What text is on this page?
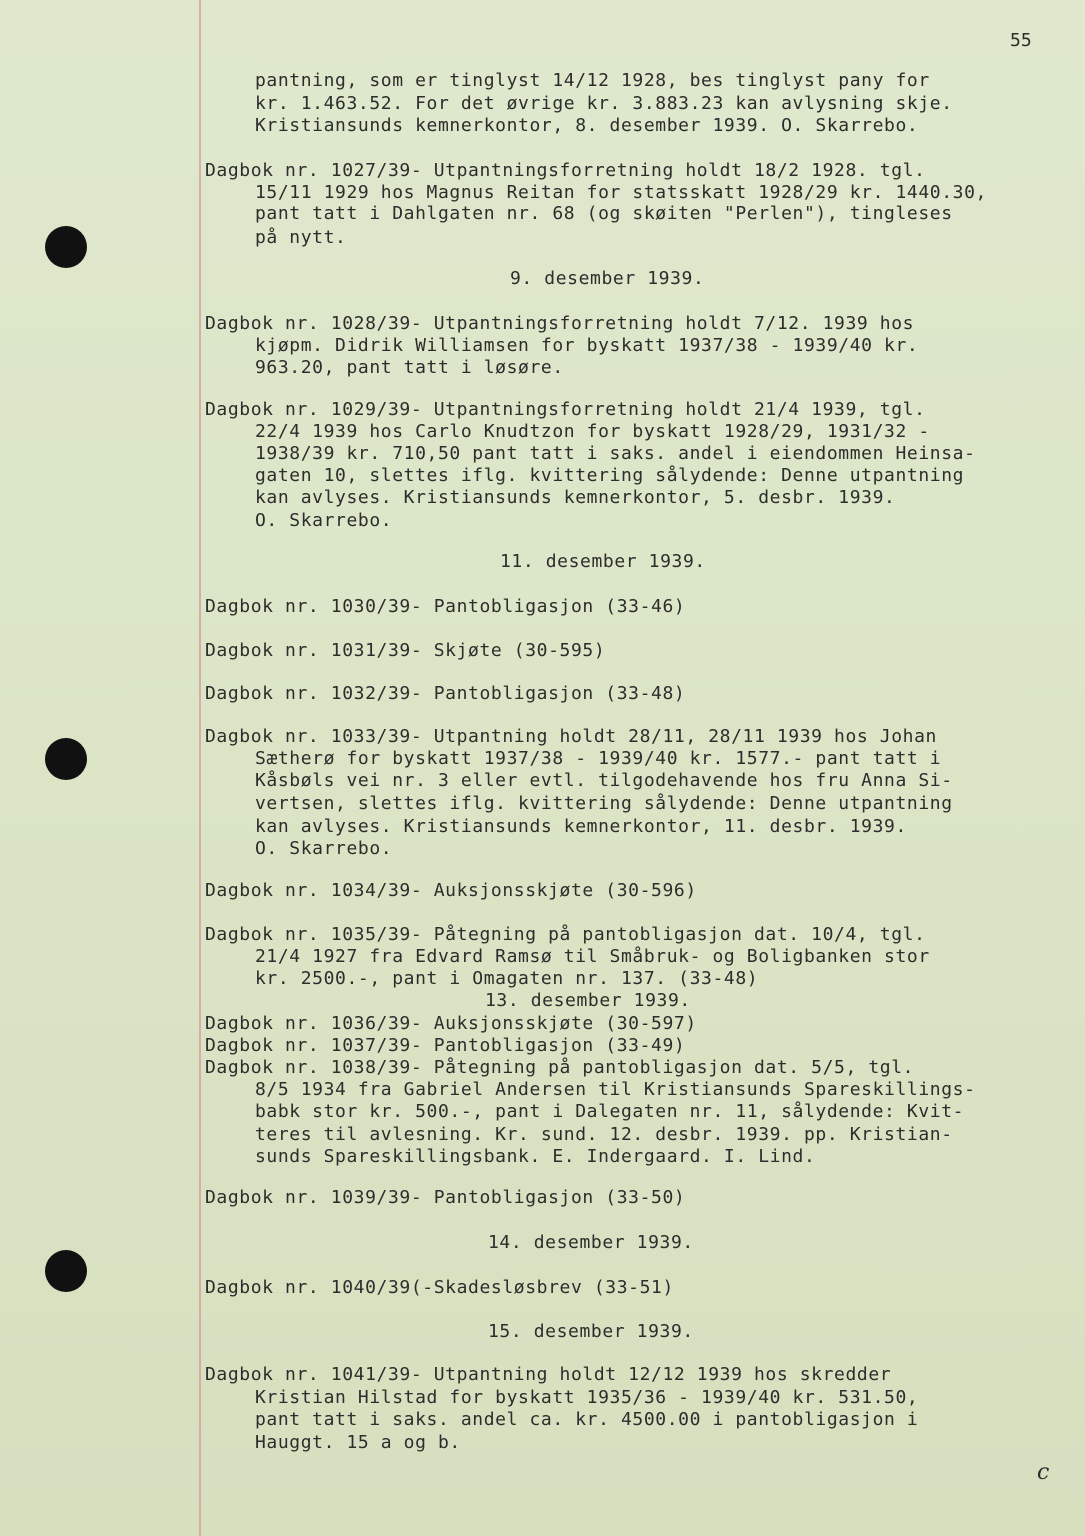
55
pantning, som er tinglyst 14/12 1928, bes tinglyst pany for
kr. 1.463.52. For det øvrige kr. 3.883.23 kan avlysning skje.
Kristiansunds kemnerkontor, 8. desember 1939. O. Skarrebo.
Dagbok nr. 1027/39- Utpantningsforretning holdt 18/2 1928. tgl.
15/11 1929 hos Magnus Reitan for statsskatt 1928/29 kr. 1440.30,
pant tatt i Dahlgaten nr. 68 (og skøiten "Perlen"), tingleses
på nytt.
9. desember 1939.
Dagbok nr. 1028/39- Utpantningsforretning holdt 7/12. 1939 hos
kjøpm. Didrik Williamsen for byskatt 1937/38 - 1939/40 kr.
963.20, pant tatt i løsøre.
Dagbok nr. 1029/39- Utpantningsforretning holdt 21/4 1939, tgl.
22/4 1939 hos Carlo Knudtzon for byskatt 1928/29, 1931/32 -
1938/39 kr. 710,50 pant tatt i saks. andel i eiendommen Heinsa-
gaten 10, slettes iflg. kvittering sålydende: Denne utpantning
kan avlyses. Kristiansunds kemnerkontor, 5. desbr. 1939.
O. Skarrebo.
11. desember 1939.
Dagbok nr. 1030/39- Pantobligasjon (33-46)
Dagbok nr. 1031/39- Skjøte (30-595)
Dagbok nr. 1032/39- Pantobligasjon (33-48)
Dagbok nr. 1033/39- Utpantning holdt 28/11, 28/11 1939 hos Johan
Sætherø for byskatt 1937/38 - 1939/40 kr. 1577.- pant tatt i
Kåsbøls vei nr. 3 eller evtl. tilgodehavende hos fru Anna Si-
vertsen, slettes iflg. kvittering sålydende: Denne utpantning
kan avlyses. Kristiansunds kemnerkontor, 11. desbr. 1939.
O. Skarrebo.
Dagbok nr. 1034/39- Auksjonsskjøte (30-596)
Dagbok nr. 1035/39- Påtegning på pantobligasjon dat. 10/4, tgl.
21/4 1927 fra Edvard Ramsø til Småbruk- og Boligbanken stor
kr. 2500.-, pant i Omagaten nr. 137. (33-48)
13. desember 1939.
Dagbok nr. 1036/39- Auksjonsskjøte (30-597)
Dagbok nr. 1037/39- Pantobligasjon (33-49)
Dagbok nr. 1038/39- Påtegning på pantobligasjon dat. 5/5, tgl.
8/5 1934 fra Gabriel Andersen til Kristiansunds Spareskillings-
babk stor kr. 500.-, pant i Dalegaten nr. 11, sålydende: Kvit-
teres til avlesning. Kr. sund. 12. desbr. 1939. pp. Kristian-
sunds Spareskillingsbank. E. Indergaard. I. Lind.
Dagbok nr. 1039/39- Pantobligasjon (33-50)
14. desember 1939.
Dagbok nr. 1040/39(-Skadesløsbrev (33-51)
15. desember 1939.
Dagbok nr. 1041/39- Utpantning holdt 12/12 1939 hos skredder
Kristian Hilstad for byskatt 1935/36 - 1939/40 kr. 531.50,
pant tatt i saks. andel ca. kr. 4500.00 i pantobligasjon i
Hauggt. 15 a og b.
c
